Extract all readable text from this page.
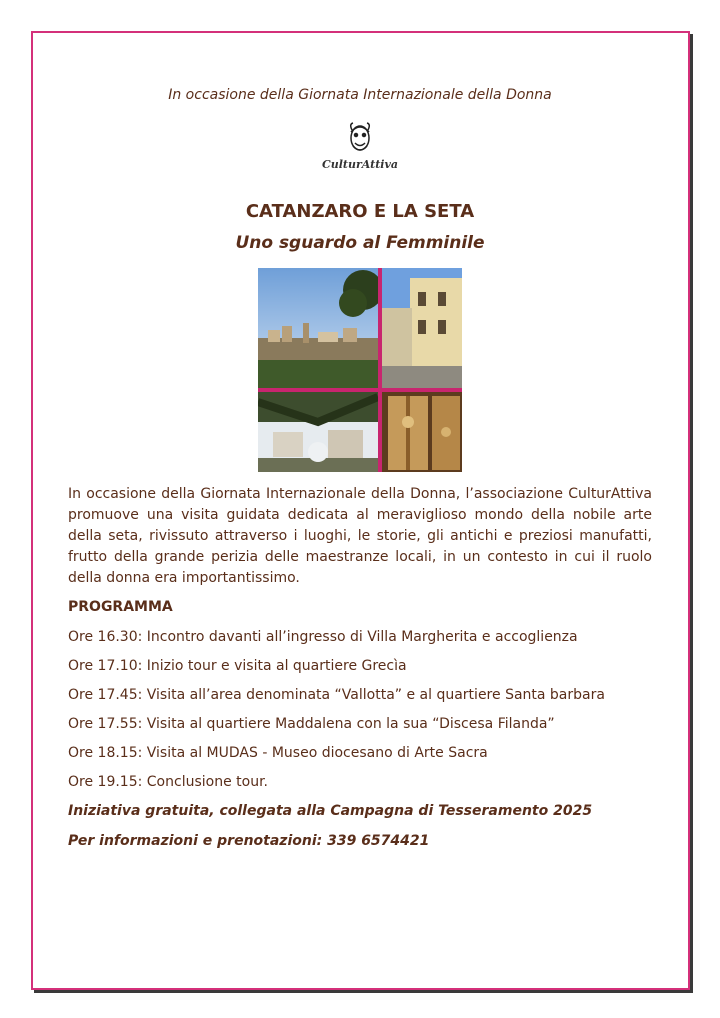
In occasione della Giornata Internazionale della Donna
CulturAttiva
CATANZARO E LA SETA
Uno sguardo al Femminile
In occasione della Giornata Internazionale della Donna, l’associazione CulturAttiva promuove una visita guidata dedicata al meraviglioso mondo della nobile arte della seta, rivissuto attraverso i luoghi, le storie, gli antichi e preziosi manufatti, frutto della grande perizia delle maestranze locali, in un contesto in cui il ruolo della donna era importantissimo.
PROGRAMMA
Ore 16.30: Incontro davanti all’ingresso di Villa Margherita e accoglienza
Ore 17.10: Inizio tour e visita al quartiere Grecìa
Ore 17.45: Visita all’area denominata “Vallotta” e al quartiere Santa barbara
Ore 17.55: Visita al quartiere Maddalena con la sua “Discesa Filanda”
Ore 18.15: Visita al MUDAS - Museo diocesano di Arte Sacra
Ore 19.15: Conclusione tour.
Iniziativa gratuita, collegata alla Campagna di Tesseramento 2025
Per informazioni e prenotazioni: 339 6574421
